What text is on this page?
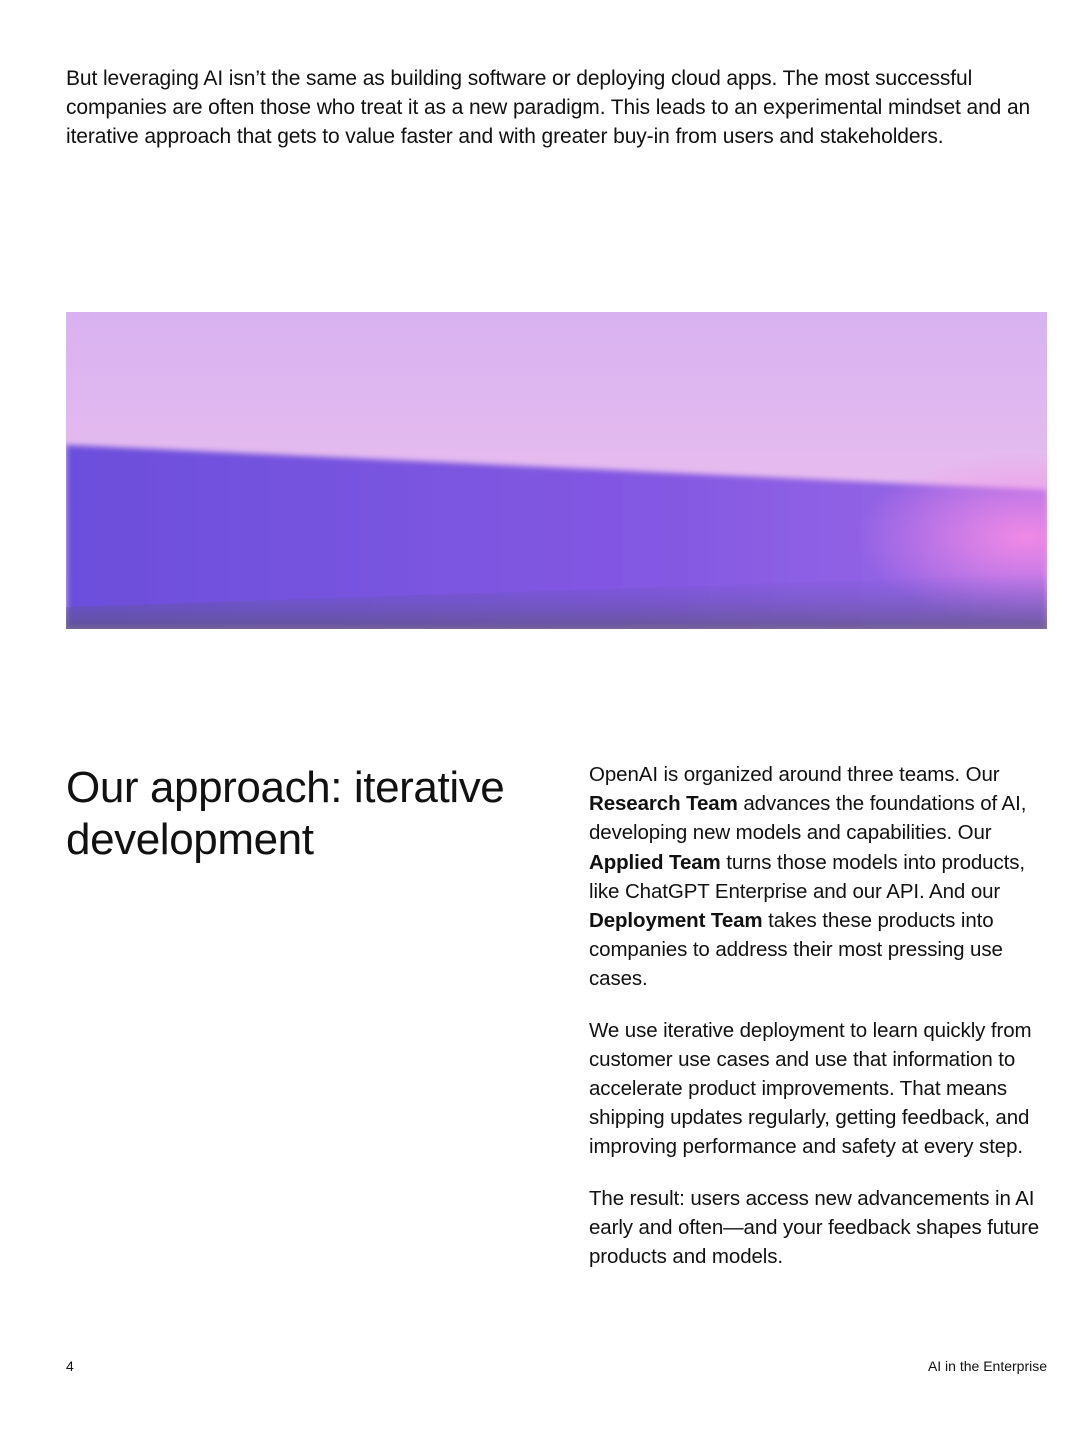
But leveraging AI isn’t the same as building software or deploying cloud apps. The most successful companies are often those who treat it as a new paradigm. This leads to an experimental mindset and an iterative approach that gets to value faster and with greater buy-in from users and stakeholders.

Our approach: iterative development

OpenAI is organized around three teams. Our Research Team advances the foundations of AI, developing new models and capabilities. Our Applied Team turns those models into products, like ChatGPT Enterprise and our API. And our Deployment Team takes these products into companies to address their most pressing use cases.

We use iterative deployment to learn quickly from customer use cases and use that information to accelerate product improvements. That means shipping updates regularly, getting feedback, and improving performance and safety at every step.

The result: users access new advancements in AI early and often—and your feedback shapes future products and models.

4	AI in the Enterprise
